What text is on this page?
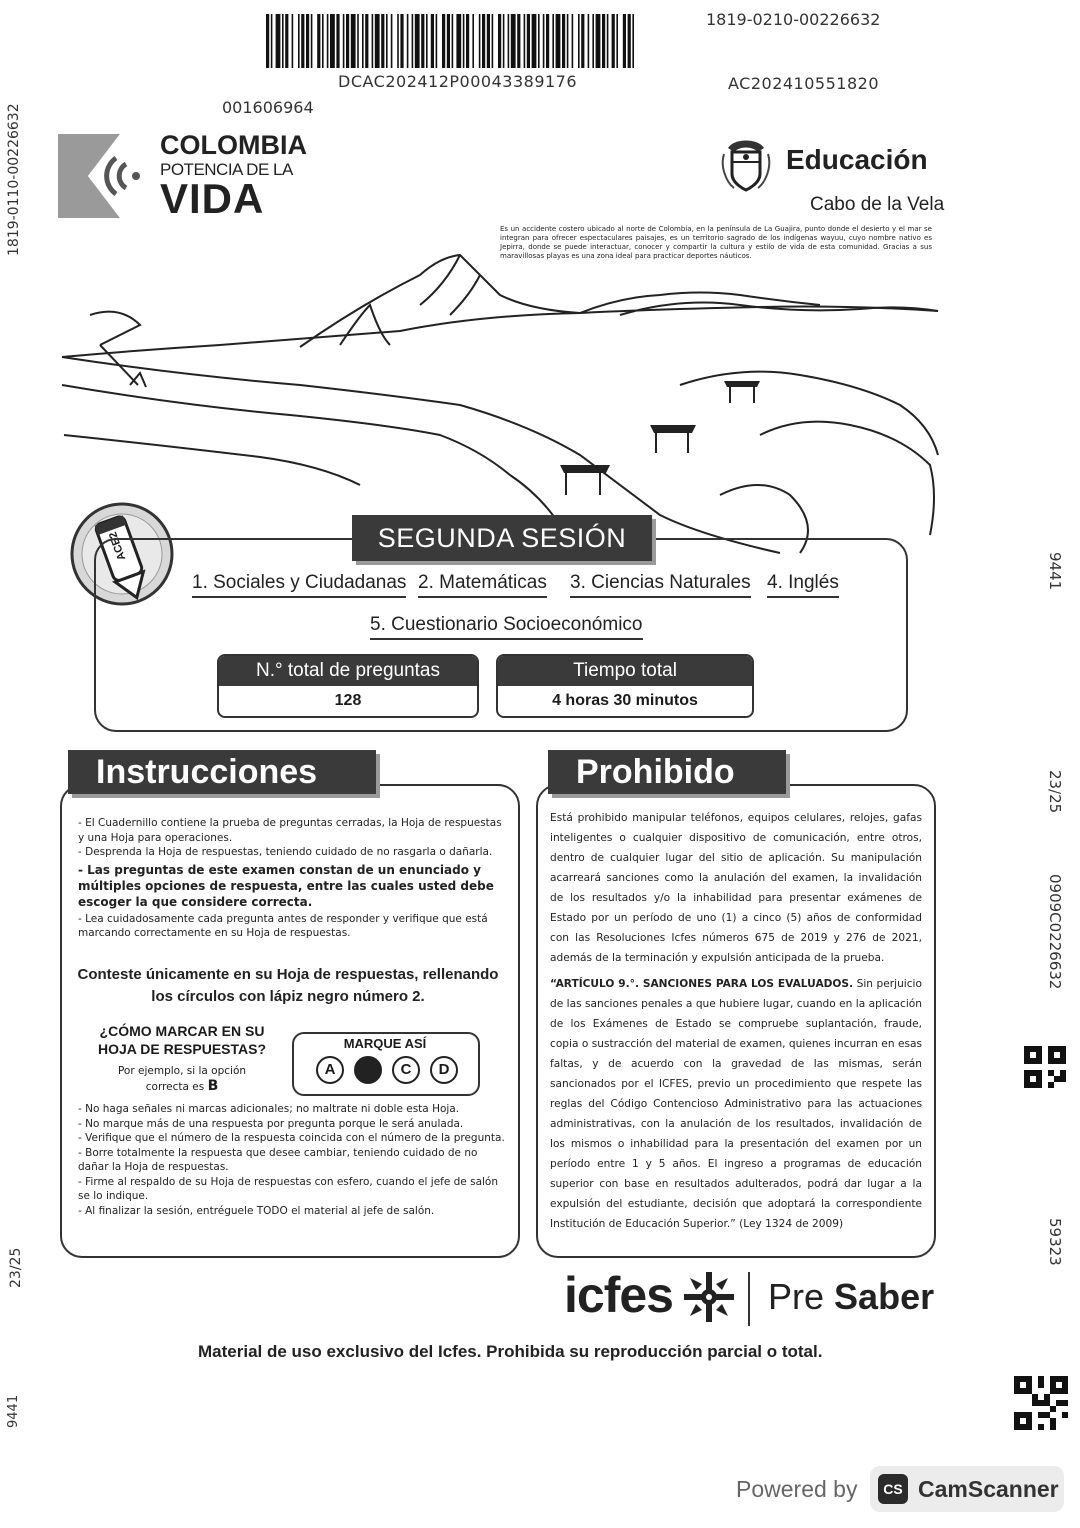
1819-0210-00226632
DCAC202412P00043389176	AC202410551820
001606964
1819-0110-00226632
23/25
9441
9441
23/25
0909C0226632
59323
COLOMBIA
POTENCIA DE LA
VIDA
Educación
Cabo de la Vela
Es un accidente costero ubicado al norte de Colombia, en la península de La Guajira, punto donde el desierto y el mar se integran para ofrecer espectaculares paisajes, es un territorio sagrado de los indígenas wayuu, cuyo nombre nativo es Jepirra, donde se puede interactuar, conocer y compartir la cultura y estilo de vida de esta comunidad. Gracias a sus maravillosas playas es una zona ideal para practicar deportes náuticos.
ACE2	SEGUNDA SESIÓN
1. Sociales y Ciudadanas 2. Matemáticas 3. Ciencias Naturales 4. Inglés
5. Cuestionario Socioeconómico
N.° total de preguntas
128
Tiempo total
4 horas 30 minutos
Instrucciones

- El Cuadernillo contiene la prueba de preguntas cerradas, la Hoja de respuestas y una Hoja para operaciones.

- Desprenda la Hoja de respuestas, teniendo cuidado de no rasgarla o dañarla.

- Las preguntas de este examen constan de un enunciado y múltiples opciones de respuesta, entre las cuales usted debe escoger la que considere correcta.

- Lea cuidadosamente cada pregunta antes de responder y verifique que está marcando correctamente en su Hoja de respuestas.

Conteste únicamente en su Hoja de respuestas, rellenando
los círculos con lápiz negro número 2.
¿CÓMO MARCAR EN SU
HOJA DE RESPUESTAS?
Por ejemplo, si la opción
correcta es B
MARQUE ASÍ
A B C D

- No haga señales ni marcas adicionales; no maltrate ni doble esta Hoja.

- No marque más de una respuesta por pregunta porque le será anulada.

- Verifique que el número de la respuesta coincida con el número de la pregunta.

- Borre totalmente la respuesta que desee cambiar, teniendo cuidado de no dañar la Hoja de respuestas.

- Firme al respaldo de su Hoja de respuestas con esfero, cuando el jefe de salón se lo indique.

- Al finalizar la sesión, entréguele TODO el material al jefe de salón.

Prohibido

Está prohibido manipular teléfonos, equipos celulares, relojes, gafas inteligentes o cualquier dispositivo de comunicación, entre otros, dentro de cualquier lugar del sitio de aplicación. Su manipulación acarreará sanciones como la anulación del examen, la invalidación de los resultados y/o la inhabilidad para presentar exámenes de Estado por un período de uno (1) a cinco (5) años de conformidad con las Resoluciones Icfes números 675 de 2019 y 276 de 2021, además de la terminación y expulsión anticipada de la prueba.

“ARTÍCULO 9.°. SANCIONES PARA LOS EVALUADOS. Sin perjuicio de las sanciones penales a que hubiere lugar, cuando en la aplicación de los Exámenes de Estado se compruebe suplantación, fraude, copia o sustracción del material de examen, quienes incurran en esas faltas, y de acuerdo con la gravedad de las mismas, serán sancionados por el ICFES, previo un procedimiento que respete las reglas del Código Contencioso Administrativo para las actuaciones administrativas, con la anulación de los resultados, invalidación de los mismos o inhabilidad para la presentación del examen por un período entre 1 y 5 años. El ingreso a programas de educación superior con base en resultados adulterados, podrá dar lugar a la expulsión del estudiante, decisión que adoptará la correspondiente Institución de Educación Superior.” (Ley 1324 de 2009)

icfes	Pre Saber
Material de uso exclusivo del Icfes. Prohibida su reproducción parcial o total.
Powered by	CS CamScanner
